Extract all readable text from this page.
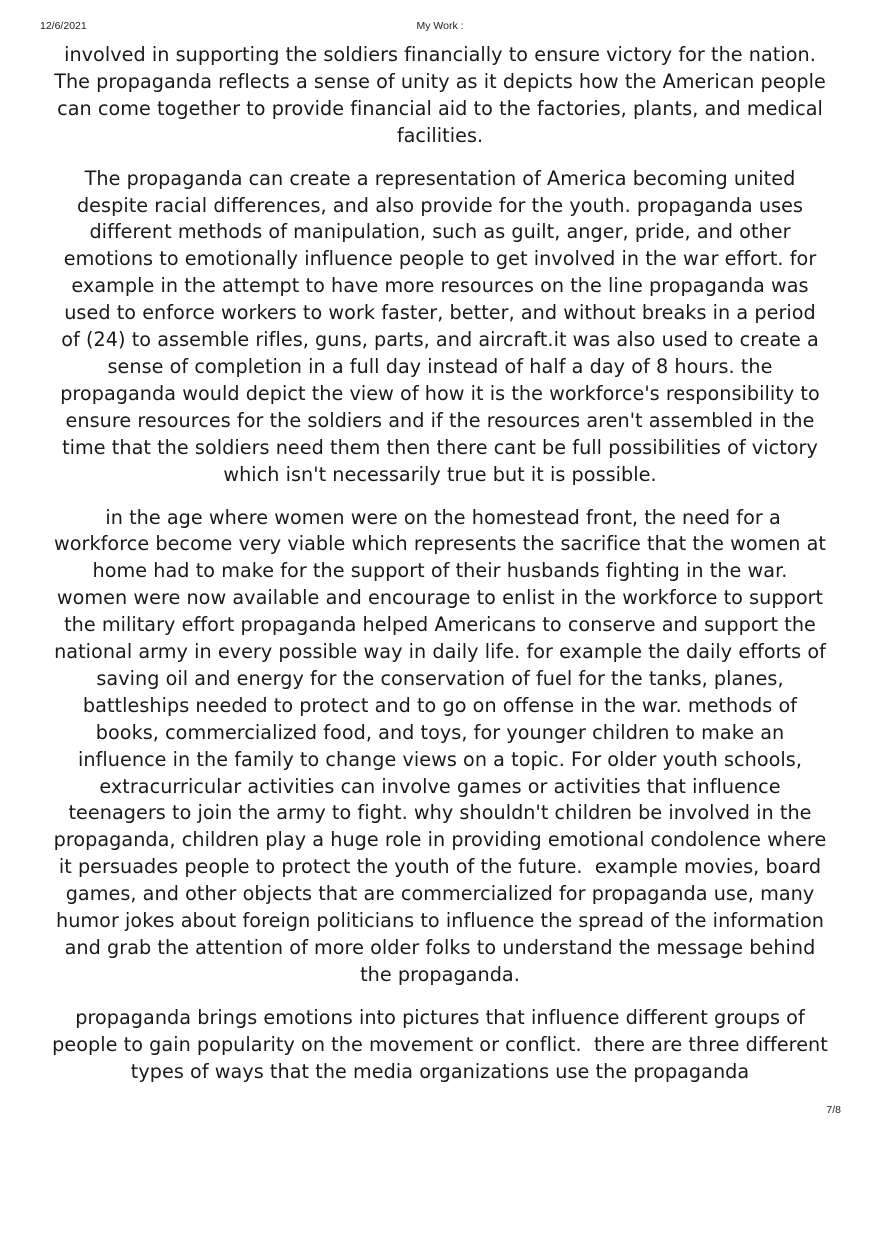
12/6/2021	My Work :

involved in supporting the soldiers financially to ensure victory for the nation. The propaganda reflects a sense of unity as it depicts how the American people can come together to provide financial aid to the factories, plants, and medical facilities.

The propaganda can create a representation of America becoming united despite racial differences, and also provide for the youth. propaganda uses different methods of manipulation, such as guilt, anger, pride, and other emotions to emotionally influence people to get involved in the war effort. for example in the attempt to have more resources on the line propaganda was used to enforce workers to work faster, better, and without breaks in a period of (24) to assemble rifles, guns, parts, and aircraft.it was also used to create a sense of completion in a full day instead of half a day of 8 hours. the propaganda would depict the view of how it is the workforce's responsibility to ensure resources for the soldiers and if the resources aren't assembled in the time that the soldiers need them then there cant be full possibilities of victory which isn't necessarily true but it is possible.

in the age where women were on the homestead front, the need for a workforce become very viable which represents the sacrifice that the women at home had to make for the support of their husbands fighting in the war.  women were now available and encourage to enlist in the workforce to support the military effort propaganda helped Americans to conserve and support the national army in every possible way in daily life. for example the daily efforts of saving oil and energy for the conservation of fuel for the tanks, planes, battleships needed to protect and to go on offense in the war. methods of books, commercialized food, and toys, for younger children to make an influence in the family to change views on a topic. For older youth schools, extracurricular activities can involve games or activities that influence teenagers to join the army to fight. why shouldn't children be involved in the propaganda, children play a huge role in providing emotional condolence where it persuades people to protect the youth of the future.  example movies, board games, and other objects that are commercialized for propaganda use, many humor jokes about foreign politicians to influence the spread of the information and grab the attention of more older folks to understand the message behind the propaganda.

propaganda brings emotions into pictures that influence different groups of people to gain popularity on the movement or conflict.  there are three different types of ways that the media organizations use the propaganda

7/8
